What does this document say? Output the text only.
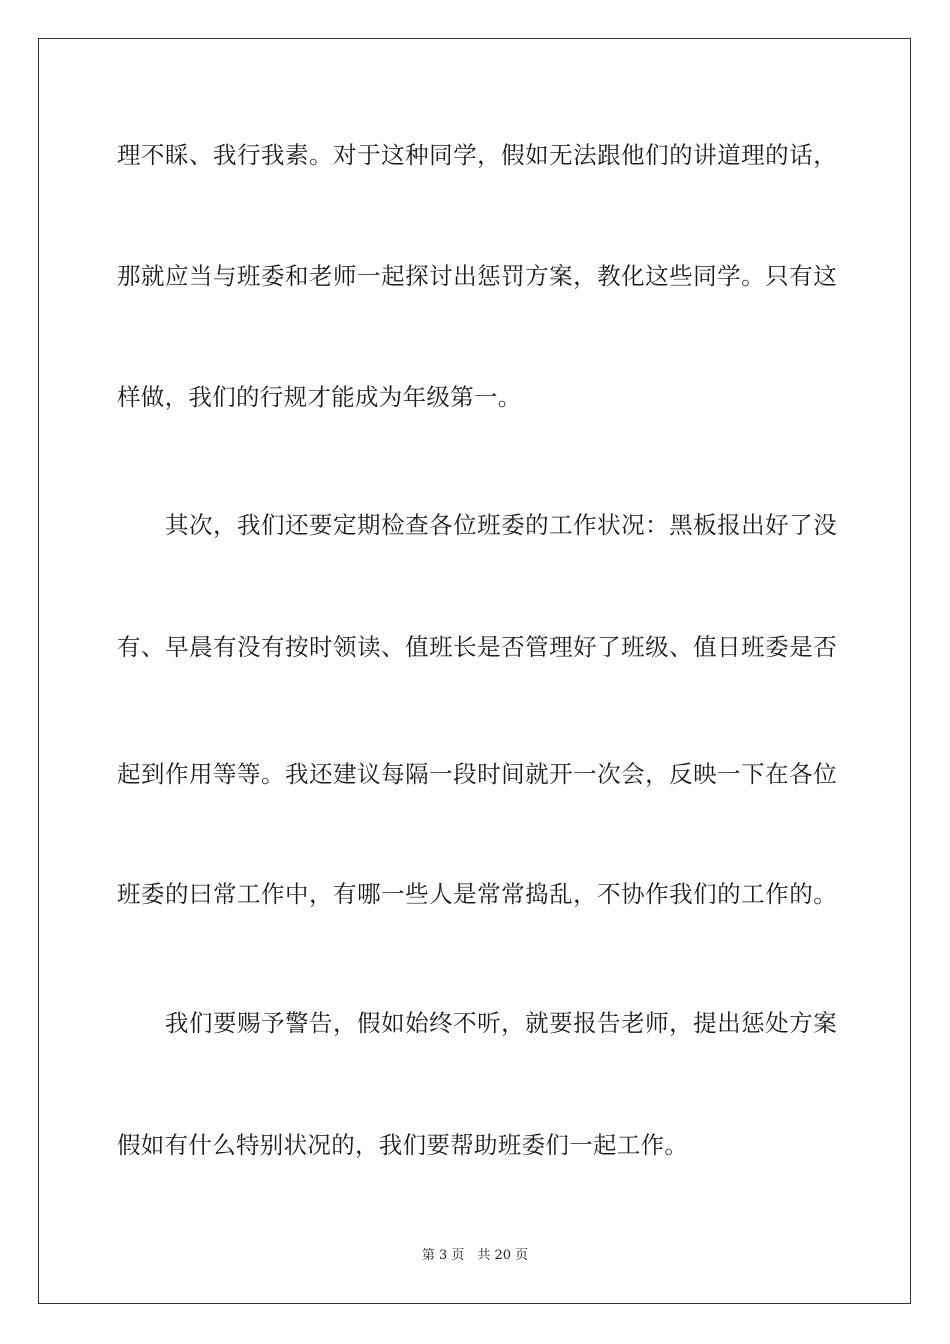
理不睬、我行我素。对于这种同学，假如无法跟他们的讲道理的话，

那就应当与班委和老师一起探讨出惩罚方案，教化这些同学。只有这

样做，我们的行规才能成为年级第一。

其次，我们还要定期检查各位班委的工作状况：黑板报出好了没

有、早晨有没有按时领读、值班长是否管理好了班级、值日班委是否

起到作用等等。我还建议每隔一段时间就开一次会，反映一下在各位

班委的曰常工作中，有哪一些人是常常捣乱，不协作我们的工作的。

我们要赐予警告，假如始终不听，就要报告老师，提出惩处方案

假如有什么特别状况的，我们要帮助班委们一起工作。

第 3 页　共 20 页
